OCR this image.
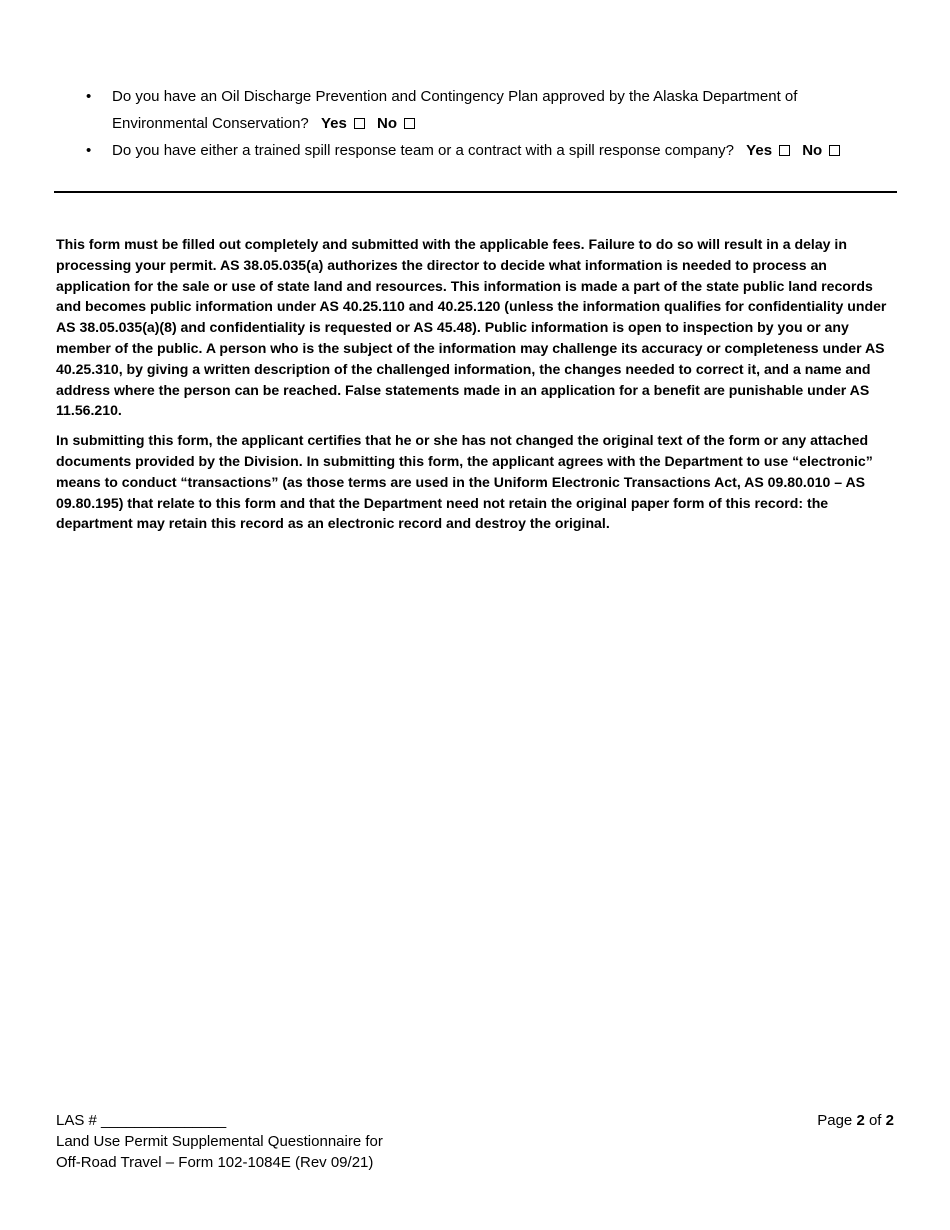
• Do you have an Oil Discharge Prevention and Contingency Plan approved by the Alaska Department of Environmental Conservation? Yes No
• Do you have either a trained spill response team or a contract with a spill response company? Yes No

This form must be filled out completely and submitted with the applicable fees. Failure to do so will result in a delay in processing your permit. AS 38.05.035(a) authorizes the director to decide what information is needed to process an application for the sale or use of state land and resources. This information is made a part of the state public land records and becomes public information under AS 40.25.110 and 40.25.120 (unless the information qualifies for confidentiality under AS 38.05.035(a)(8) and confidentiality is requested or AS 45.48). Public information is open to inspection by you or any member of the public. A person who is the subject of the information may challenge its accuracy or completeness under AS 40.25.310, by giving a written description of the challenged information, the changes needed to correct it, and a name and address where the person can be reached. False statements made in an application for a benefit are punishable under AS 11.56.210.

In submitting this form, the applicant certifies that he or she has not changed the original text of the form or any attached documents provided by the Division. In submitting this form, the applicant agrees with the Department to use “electronic” means to conduct “transactions” (as those terms are used in the Uniform Electronic Transactions Act, AS 09.80.010 – AS 09.80.195) that relate to this form and that the Department need not retain the original paper form of this record: the department may retain this record as an electronic record and destroy the original.

LAS # _______________
Land Use Permit Supplemental Questionnaire for
Off-Road Travel – Form 102-1084E (Rev 09/21)
Page 2 of 2
